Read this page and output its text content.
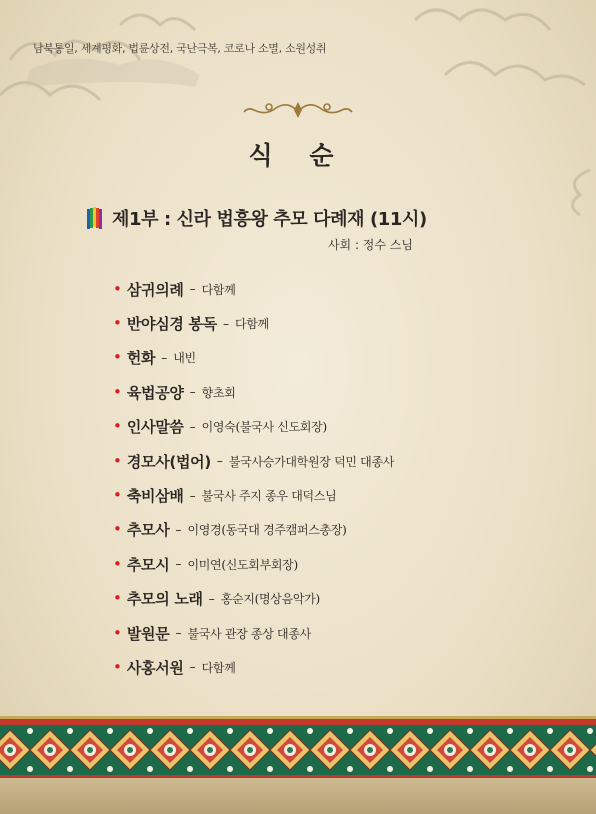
남북통일, 세계평화, 법륜상전, 국난극복, 코로나 소멸, 소원성취
식 순
제1부 : 신라 법흥왕 추모 다례재 (11시)
사회 : 정수 스님
• 삼귀의례 – 다함께
• 반야심경 봉독 – 다함께
• 헌화 – 내빈
• 육법공양 – 향초회
• 인사말씀 – 이영숙(불국사 신도회장)
• 경모사(법어) – 불국사승가대학원장 덕민 대종사
• 축비삼배 – 불국사 주지 종우 대덕스님
• 추모사 – 이영경(동국대 경주캠퍼스총장)
• 추모시 – 이미연(신도회부회장)
• 추모의 노래 – 홍순지(명상음악가)
• 발원문 – 불국사 관장 종상 대종사
• 사홍서원 – 다함께
